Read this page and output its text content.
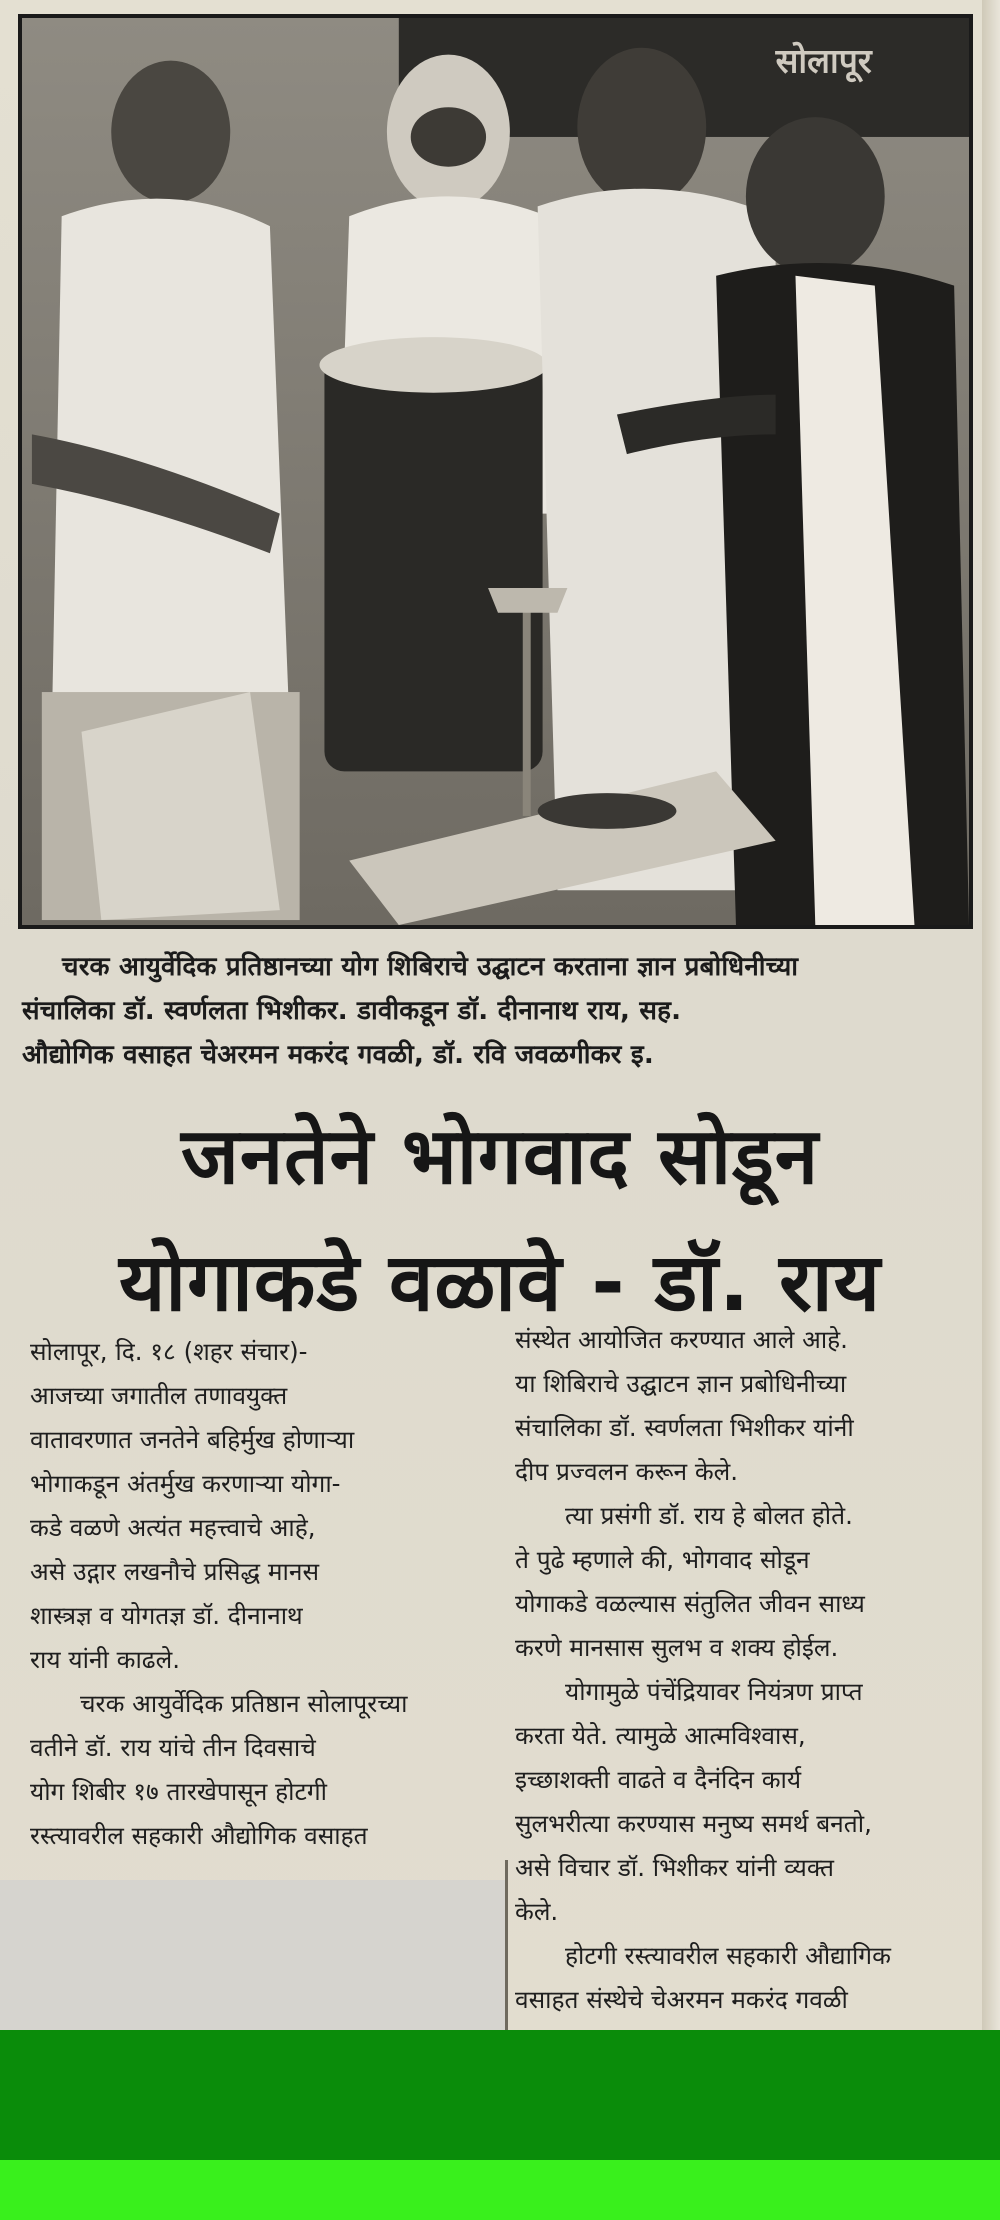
सोलापूर
चरक आयुर्वेदिक प्रतिष्ठानच्या योग शिबिराचे उद्घाटन करताना ज्ञान प्रबोधिनीच्या
संचालिका डॉ. स्वर्णलता भिशीकर. डावीकडून डॉ. दीनानाथ राय, सह.
औद्योगिक वसाहत चेअरमन मकरंद गवळी, डॉ. रवि जवळगीकर इ.
जनतेने भोगवाद सोडून
योगाकडे वळावे - डॉ. राय
सोलापूर, दि. १८ (शहर संचार)-
आजच्या जगातील तणावयुक्त
वातावरणात जनतेने बहिर्मुख होणाऱ्या
भोगाकडून अंतर्मुख करणाऱ्या योगा-
कडे वळणे अत्यंत महत्त्वाचे आहे,
असे उद्गार लखनौचे प्रसिद्ध मानस
शास्त्रज्ञ व योगतज्ञ डॉ. दीनानाथ
राय यांनी काढले.
चरक आयुर्वेदिक प्रतिष्ठान सोलापूरच्या
वतीने डॉ. राय यांचे तीन दिवसाचे
योग शिबीर १७ तारखेपासून होटगी
रस्त्यावरील सहकारी औद्योगिक वसाहत
संस्थेत आयोजित करण्यात आले आहे.
या शिबिराचे उद्घाटन ज्ञान प्रबोधिनीच्या
संचालिका डॉ. स्वर्णलता भिशीकर यांनी
दीप प्रज्वलन करून केले.
त्या प्रसंगी डॉ. राय हे बोलत होते.
ते पुढे म्हणाले की, भोगवाद सोडून
योगाकडे वळल्यास संतुलित जीवन साध्य
करणे मानसास सुलभ व शक्य होईल.
योगामुळे पंचेंद्रियावर नियंत्रण प्राप्त
करता येते. त्यामुळे आत्मविश्वास,
इच्छाशक्ती वाढते व दैनंदिन कार्य
सुलभरीत्या करण्यास मनुष्य समर्थ बनतो,
असे विचार डॉ. भिशीकर यांनी व्यक्त
केले.
होटगी रस्त्यावरील सहकारी औद्यागिक
वसाहत संस्थेचे चेअरमन मकरंद गवळी
